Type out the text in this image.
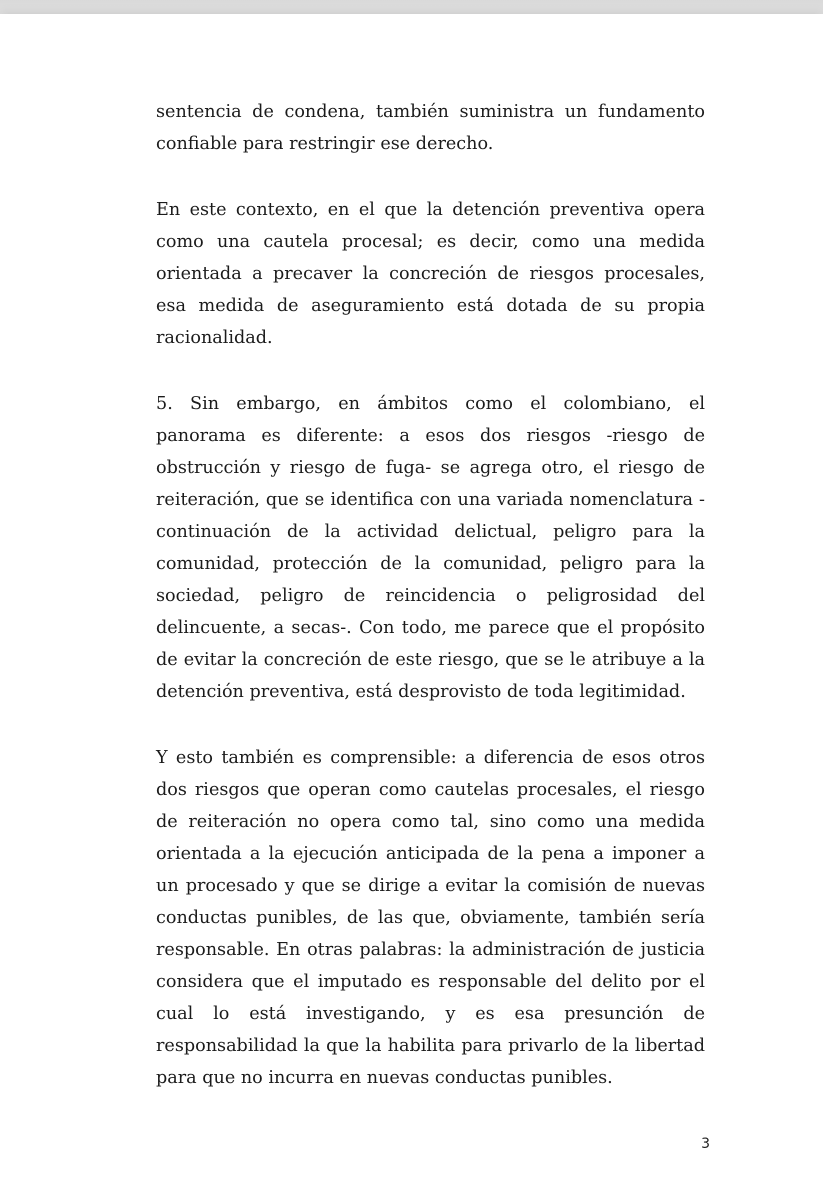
sentencia de condena, también suministra un fundamento confiable para restringir ese derecho.

En este contexto, en el que la detención preventiva opera como una cautela procesal; es decir, como una medida orientada a precaver la concreción de riesgos procesales, esa medida de aseguramiento está dotada de su propia racionalidad.

5. Sin embargo, en ámbitos como el colombiano, el panorama es diferente: a esos dos riesgos -riesgo de obstrucción y riesgo de fuga- se agrega otro, el riesgo de reiteración, que se identifica con una variada nomenclatura -continuación de la actividad delictual, peligro para la comunidad, protección de la comunidad, peligro para la sociedad, peligro de reincidencia o peligrosidad del delincuente, a secas-. Con todo, me parece que el propósito de evitar la concreción de este riesgo, que se le atribuye a la detención preventiva, está desprovisto de toda legitimidad.

Y esto también es comprensible: a diferencia de esos otros dos riesgos que operan como cautelas procesales, el riesgo de reiteración no opera como tal, sino como una medida orientada a la ejecución anticipada de la pena a imponer a un procesado y que se dirige a evitar la comisión de nuevas conductas punibles, de las que, obviamente, también sería responsable. En otras palabras: la administración de justicia considera que el imputado es responsable del delito por el cual lo está investigando, y es esa presunción de responsabilidad la que la habilita para privarlo de la libertad para que no incurra en nuevas conductas punibles.

3
